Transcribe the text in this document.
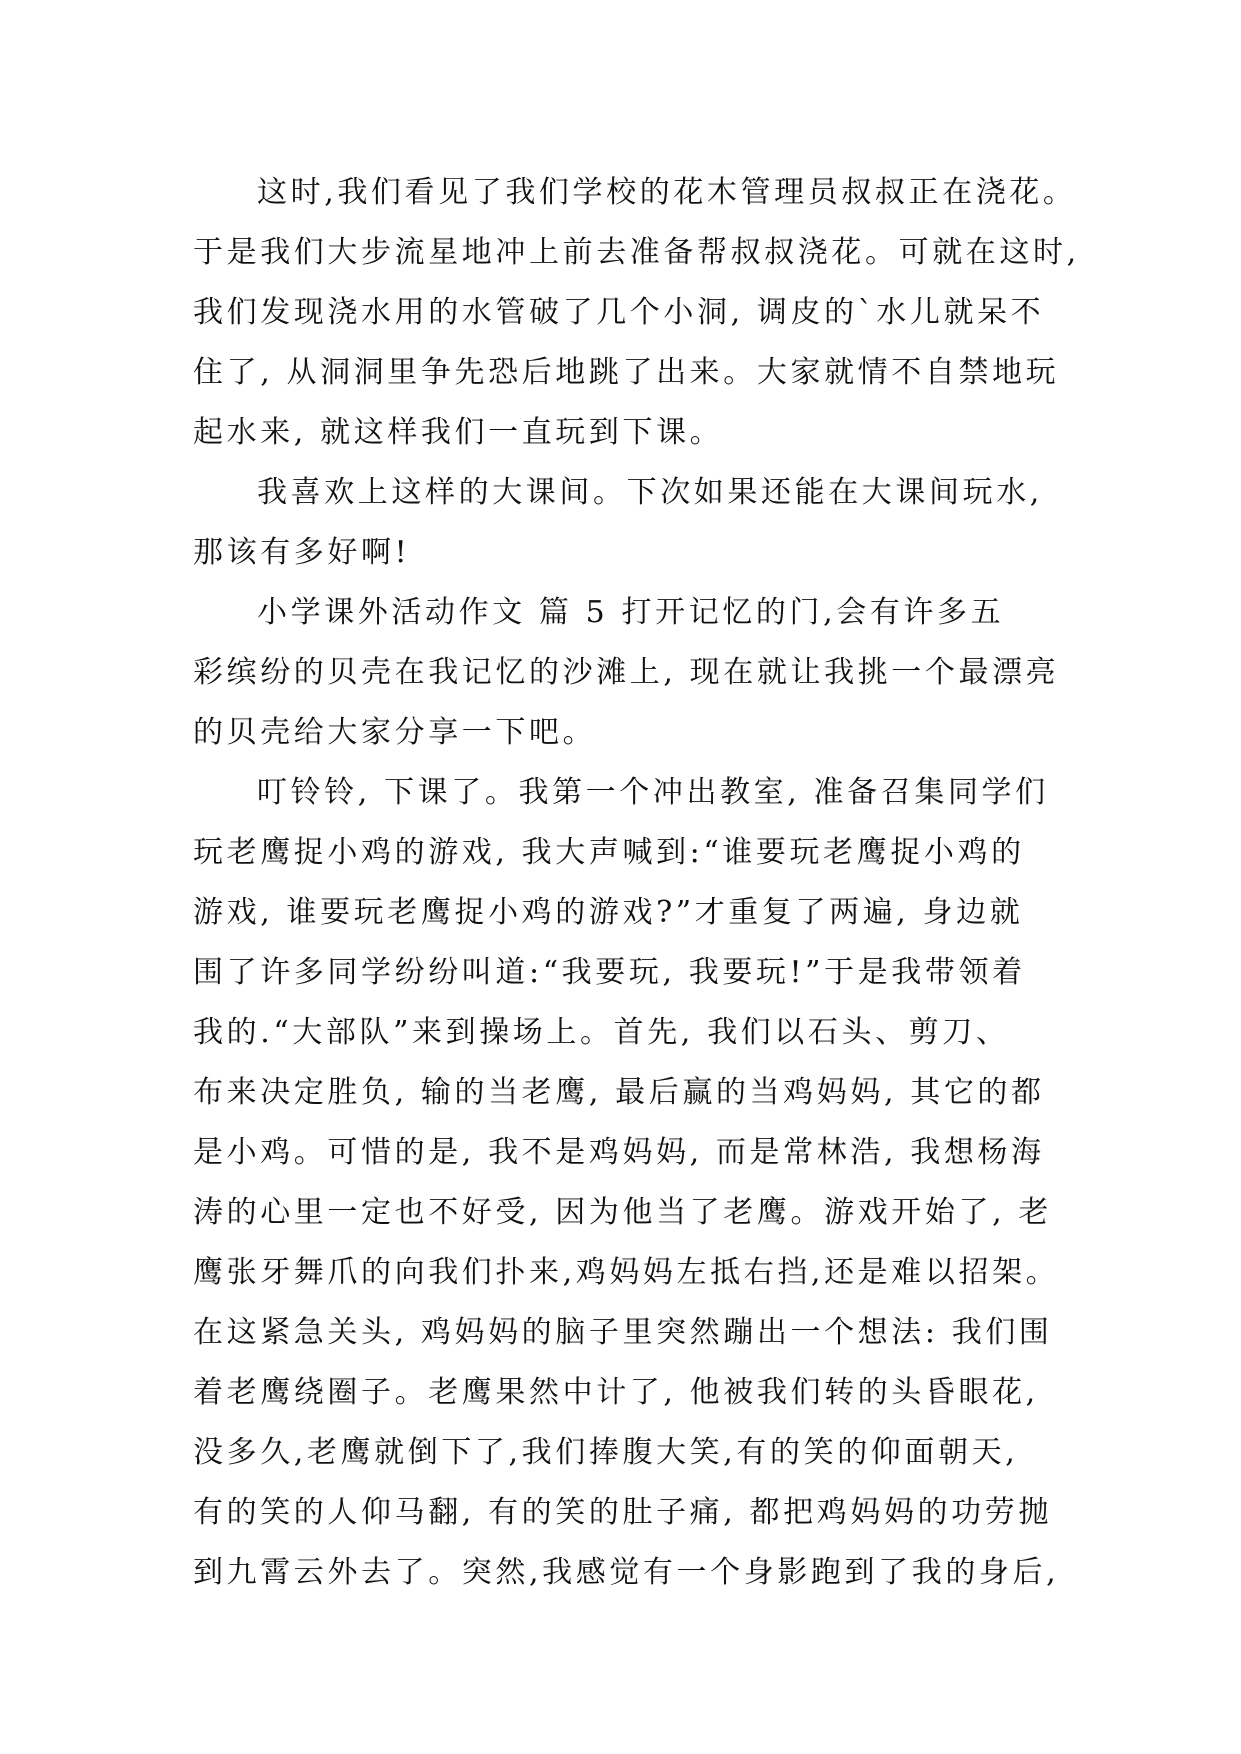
这时,我们看见了我们学校的花木管理员叔叔正在浇花。
于是我们大步流星地冲上前去准备帮叔叔浇花。可就在这时,
我们发现浇水用的水管破了几个小洞, 调皮的`水儿就呆不
住了, 从洞洞里争先恐后地跳了出来。大家就情不自禁地玩
起水来, 就这样我们一直玩到下课。
我喜欢上这样的大课间。下次如果还能在大课间玩水,
那该有多好啊!
小学课外活动作文 篇 5 打开记忆的门,会有许多五
彩缤纷的贝壳在我记忆的沙滩上, 现在就让我挑一个最漂亮
的贝壳给大家分享一下吧。
叮铃铃, 下课了。我第一个冲出教室, 准备召集同学们
玩老鹰捉小鸡的游戏, 我大声喊到:“谁要玩老鹰捉小鸡的
游戏, 谁要玩老鹰捉小鸡的游戏?”才重复了两遍, 身边就
围了许多同学纷纷叫道:“我要玩, 我要玩!”于是我带领着
我的.“大部队”来到操场上。首先, 我们以石头、剪刀、
布来决定胜负, 输的当老鹰, 最后赢的当鸡妈妈, 其它的都
是小鸡。可惜的是, 我不是鸡妈妈, 而是常林浩, 我想杨海
涛的心里一定也不好受, 因为他当了老鹰。游戏开始了, 老
鹰张牙舞爪的向我们扑来,鸡妈妈左抵右挡,还是难以招架。
在这紧急关头, 鸡妈妈的脑子里突然蹦出一个想法: 我们围
着老鹰绕圈子。老鹰果然中计了, 他被我们转的头昏眼花,
没多久,老鹰就倒下了,我们捧腹大笑,有的笑的仰面朝天,
有的笑的人仰马翻, 有的笑的肚子痛, 都把鸡妈妈的功劳抛
到九霄云外去了。突然,我感觉有一个身影跑到了我的身后,
